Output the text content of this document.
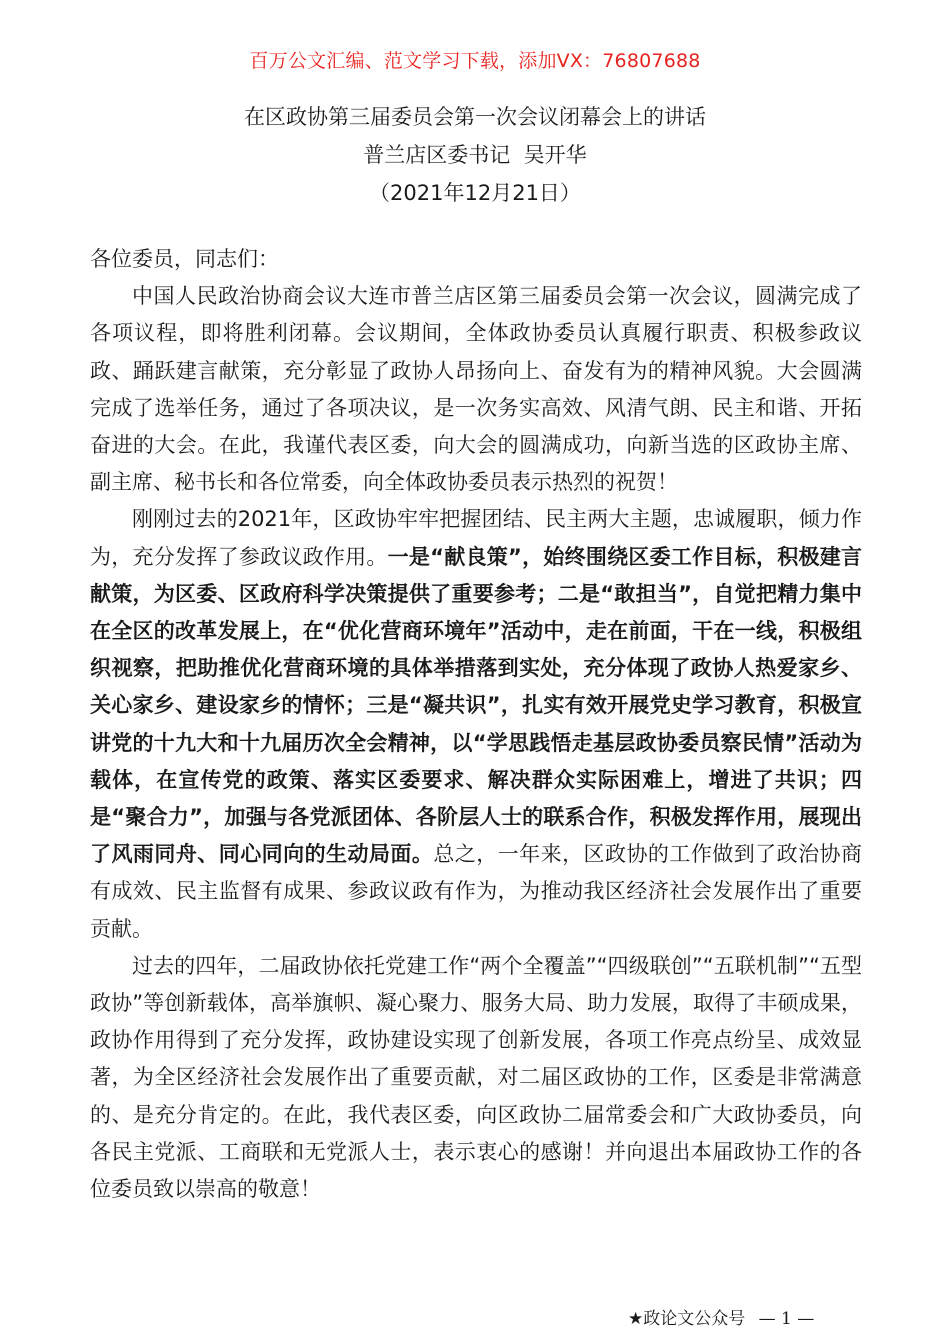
百万公文汇编、范文学习下载，添加VX：76807688
在区政协第三届委员会第一次会议闭幕会上的讲话
普兰店区委书记  吴开华
（2021年12月21日）

各位委员，同志们：

中国人民政治协商会议大连市普兰店区第三届委员会第一次会议，圆满完成了各项议程，即将胜利闭幕。会议期间，全体政协委员认真履行职责、积极参政议政、踊跃建言献策，充分彰显了政协人昂扬向上、奋发有为的精神风貌。大会圆满完成了选举任务，通过了各项决议，是一次务实高效、风清气朗、民主和谐、开拓奋进的大会。在此，我谨代表区委，向大会的圆满成功，向新当选的区政协主席、副主席、秘书长和各位常委，向全体政协委员表示热烈的祝贺！

刚刚过去的2021年，区政协牢牢把握团结、民主两大主题，忠诚履职，倾力作为，充分发挥了参政议政作用。一是“献良策”，始终围绕区委工作目标，积极建言献策，为区委、区政府科学决策提供了重要参考；二是“敢担当”，自觉把精力集中在全区的改革发展上，在“优化营商环境年”活动中，走在前面，干在一线，积极组织视察，把助推优化营商环境的具体举措落到实处，充分体现了政协人热爱家乡、关心家乡、建设家乡的情怀；三是“凝共识”，扎实有效开展党史学习教育，积极宣讲党的十九大和十九届历次全会精神，以“学思践悟走基层政协委员察民情”活动为载体，在宣传党的政策、落实区委要求、解决群众实际困难上，增进了共识；四是“聚合力”，加强与各党派团体、各阶层人士的联系合作，积极发挥作用，展现出了风雨同舟、同心同向的生动局面。总之，一年来，区政协的工作做到了政治协商有成效、民主监督有成果、参政议政有作为，为推动我区经济社会发展作出了重要贡献。

过去的四年，二届政协依托党建工作“两个全覆盖”“四级联创”“五联机制”“五型政协”等创新载体，高举旗帜、凝心聚力、服务大局、助力发展，取得了丰硕成果，政协作用得到了充分发挥，政协建设实现了创新发展，各项工作亮点纷呈、成效显著，为全区经济社会发展作出了重要贡献，对二届区政协的工作，区委是非常满意的、是充分肯定的。在此，我代表区委，向区政协二届常委会和广大政协委员，向各民主党派、工商联和无党派人士，表示衷心的感谢！并向退出本届政协工作的各位委员致以崇高的敬意！

★政论文公众号 — 1 —
